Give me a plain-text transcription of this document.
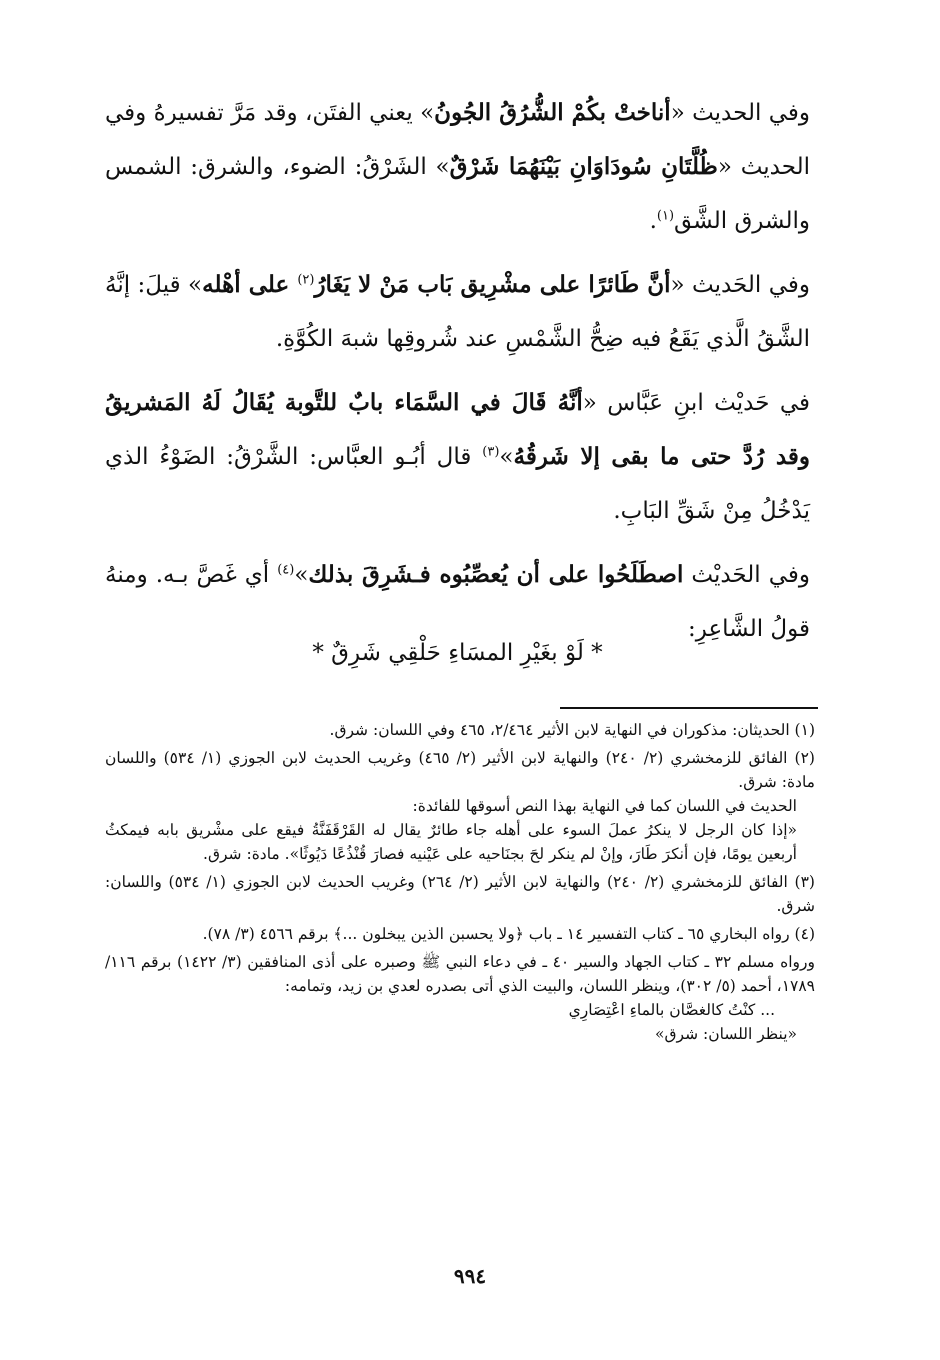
وفي الحديث «أناختْ بكُمْ الشُّرُقُ الجُونُ» يعني الفتَن، وقد مَرَّ تفسيرهُ وفي الحديث «ظُلَّتَانِ سُودَاوَانِ بَيْنَهُمَا شَرْقٌ» الشَرْقُ: الضوء، والشرق: الشمس والشرق الشَّق$^{(١)}$.

وفي الحَديث «أنَّ طَائرًا على مشْرِيق بَاب مَنْ لا يَغَارُ$^{(٢)}$ على أهْله» قيلَ: إنَّهُ الشَّقُ الَّذي يَقَعُ فيه ضِحُّ الشَّمْسِ عند شُروقِها شبهَ الكُوَّةِ.

في حَديْث ابنِ عَبَّاس «أنَّهُ قَالَ في السَّمَاء بابٌ للتَّوبة يُقَالُ لَهُ المَشريقُ وقد رُدَّ حتى ما بقى إلا شَرقُهُ»$^{(٣)}$ قال أبُـو العبَّاس: الشَّرْقُ: الضَوْءُ الذي يَدْخُلُ مِنْ شَقِّ البَابِ.

وفي الحَديْث اصطَلَحُوا على أن يُعصِّبُوه فـشَرِقَ بذلك»$^{(٤)}$ أي غَصَّ بـه. ومنهُ قولُ الشَّاعِرِ:

* لَوْ بغَيْرِ المسَاءِ حَلْقِي شَرِقٌ *

(١) الحديثان: مذكوران في النهاية لابن الأثير ٢/٤٦٤، ٤٦٥ وفي اللسان: شرق.

(٢) الفائق للزمخشري (٢/ ٢٤٠) والنهاية لابن الأثير (٢/ ٤٦٥) وغريب الحديث لابن الجوزي (١/ ٥٣٤) واللسان مادة: شرق.

الحديث في اللسان كما في النهاية بهذا النص أسوقها للفائدة:

«إذا كان الرجل لا ينكرُ عملَ السوء على أهله جاء طائرٌ يقال له القَرْقَفَنَّةُ فيقع على مشْريق بابه فيمكثُ أربعين يومًا، فإن أنكرَ طَارَ، وإنْ لم ينكر لحَ بجنَاحيه على عَيْنيه فصارَ قُنْذُعًا دَيُوثًا». مادة: شرق.

(٣) الفائق للزمخشري (٢/ ٢٤٠) والنهاية لابن الأثير (٢/ ٢٦٤) وغريب الحديث لابن الجوزي (١/ ٥٣٤) واللسان: شرق.

(٤) رواه البخاري ٦٥ ـ كتاب التفسير ١٤ ـ باب ﴿ولا يحسبن الذين يبخلون ...﴾ برقم ٤٥٦٦ (٣/ ٧٨).

ورواه مسلم ٣٢ ـ كتاب الجهاد والسير ٤٠ ـ في دعاء النبي ﷺ وصبره على أذى المنافقين (٣/ ١٤٢٢) برقم ١١٦/ ١٧٨٩، أحمد (٥/ ٣٠٢)، وينظر اللسان، والبيت الذي أتى بصدره لعدي بن زيد، وتمامه:

... كنْتُ كالغصَّان بالماءِ اعْتِصَارِي

«ينظر اللسان: شرق»

٩٩٤
